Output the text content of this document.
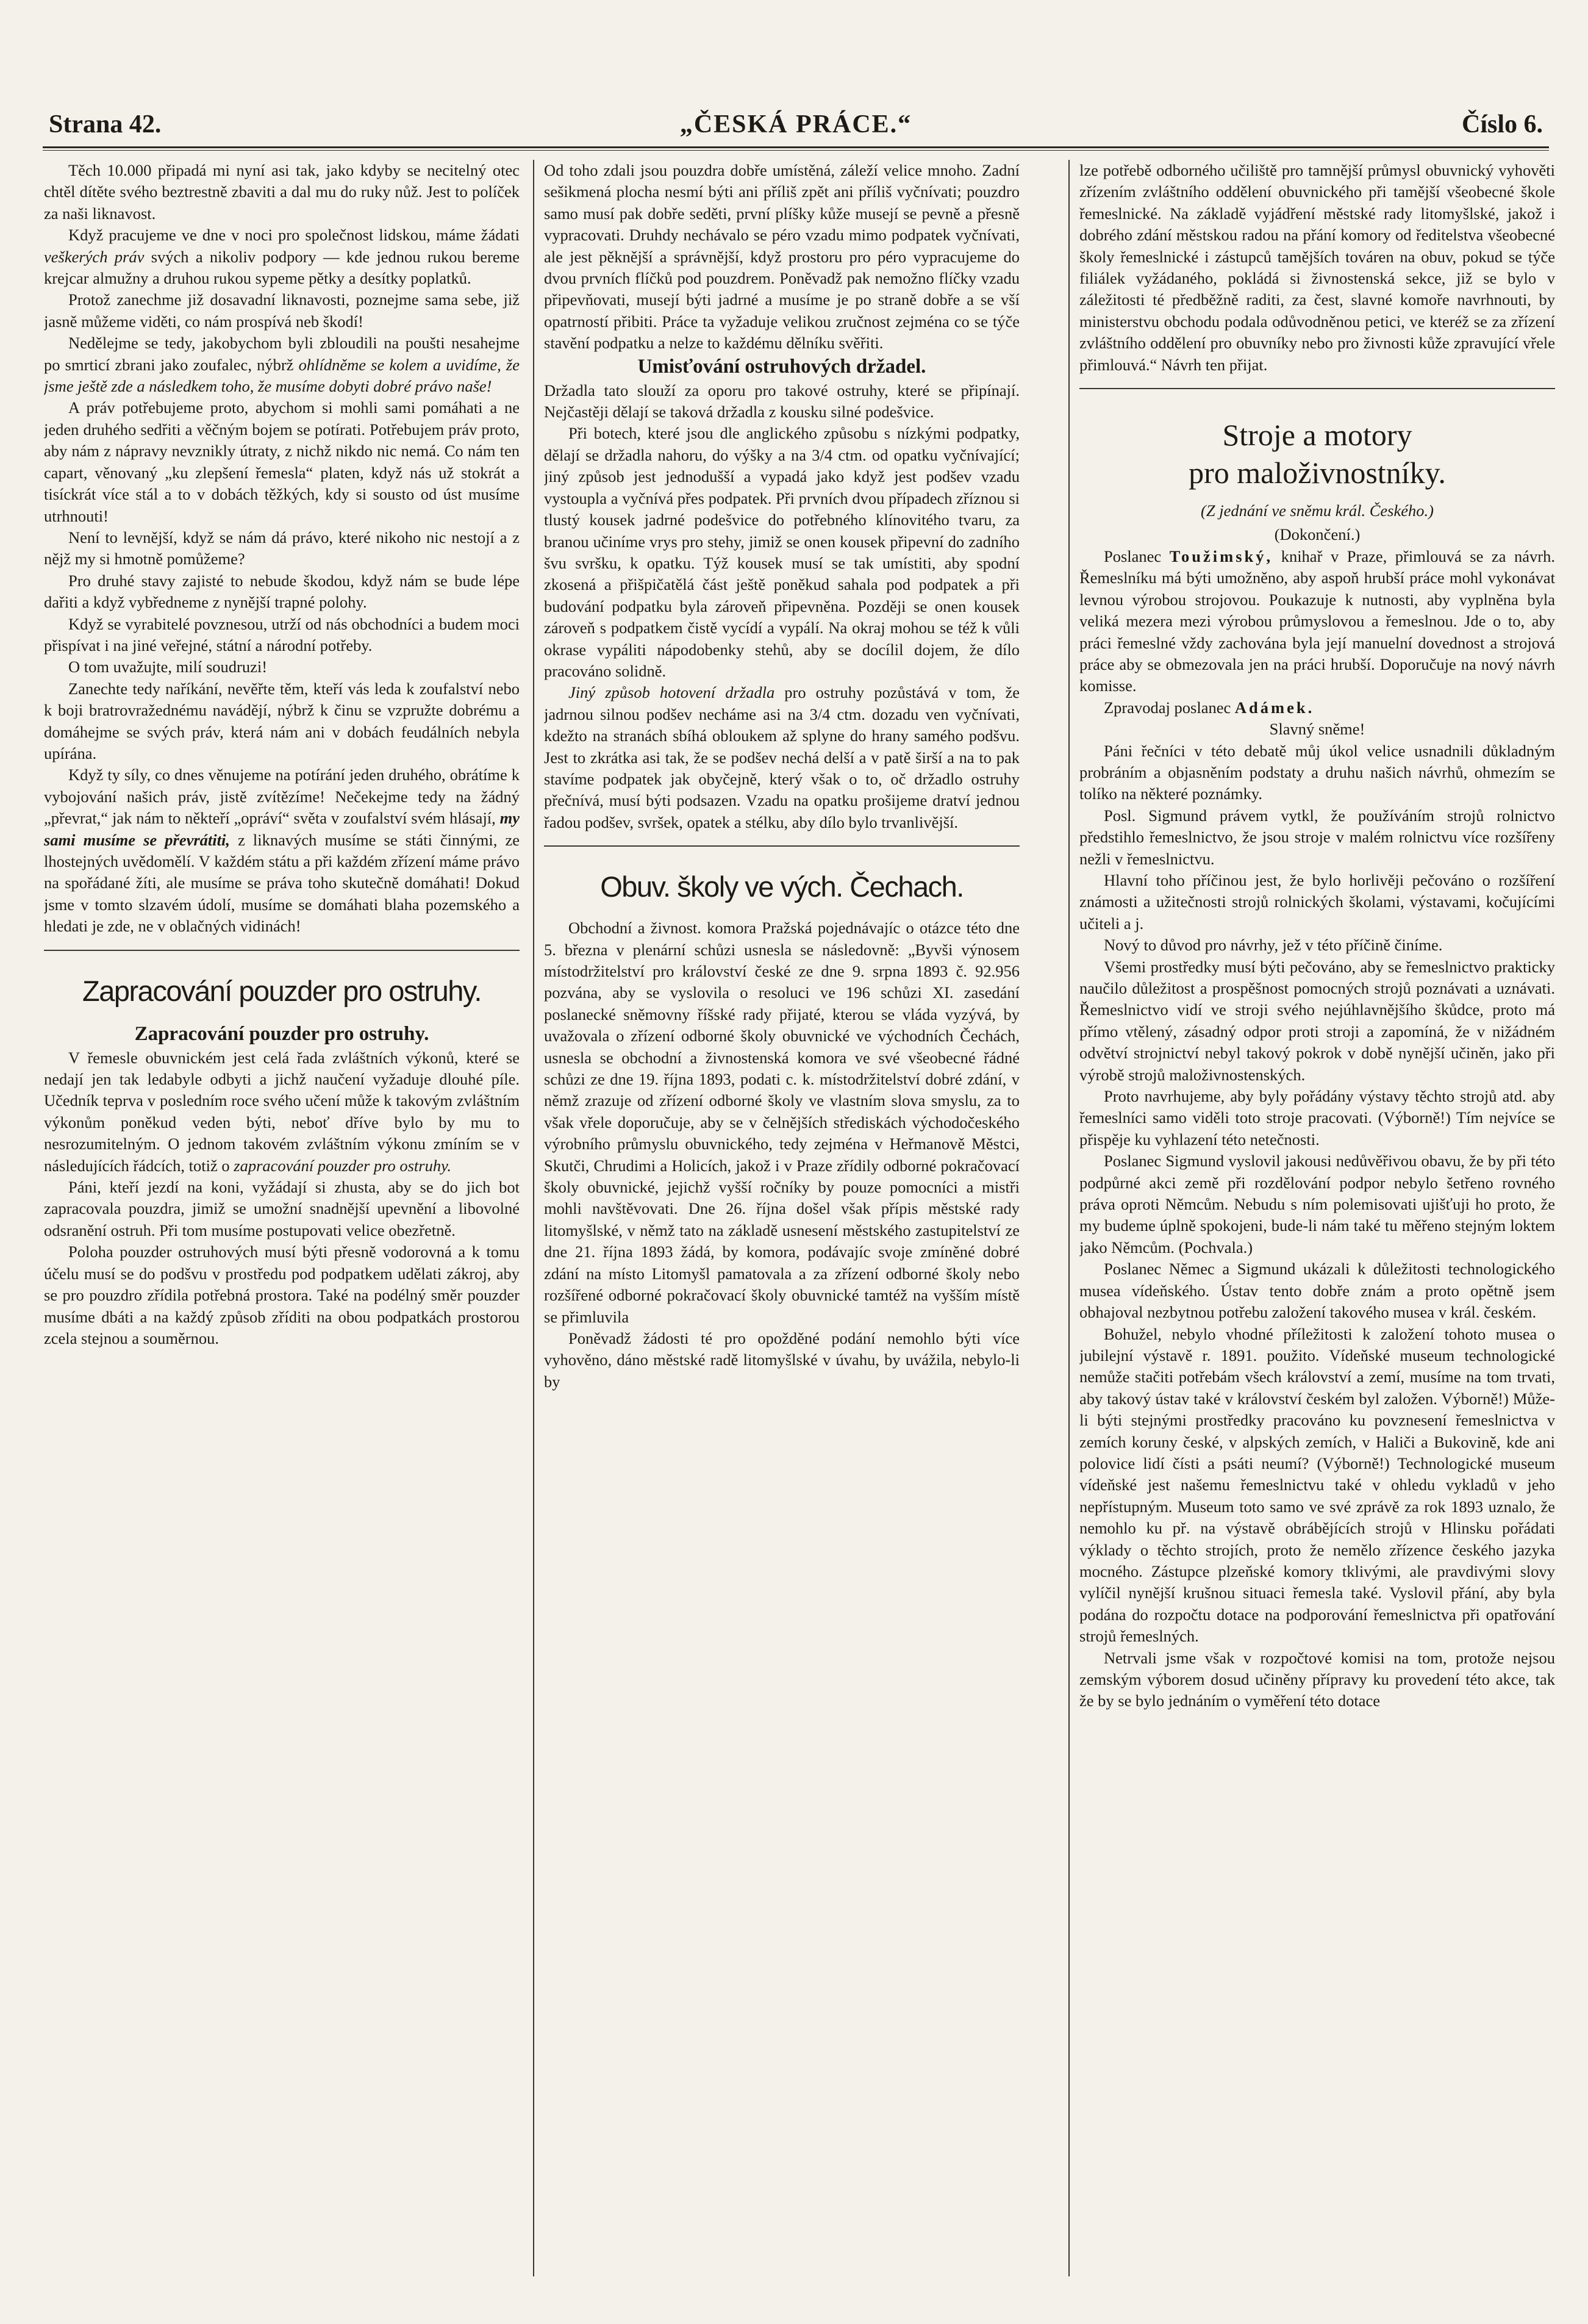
Strana 42.	„ČESKÁ PRÁCE.“	Číslo 6.

Těch 10.000 připadá mi nyní asi tak, jako kdyby se necitelný otec chtěl dítěte svého beztrestně zbaviti a dal mu do ruky nůž. Jest to políček za naši liknavost.

Když pracujeme ve dne v noci pro společnost lidskou, máme žádati veškerých práv svých a nikoliv podpory — kde jednou rukou bereme krejcar almužny a druhou rukou sypeme pětky a desítky poplatků.

Protož zanechme již dosavadní liknavosti, poznejme sama sebe, již jasně můžeme viděti, co nám prospívá neb škodí!

Nedělejme se tedy, jakobychom byli zbloudili na poušti nesahejme po smrticí zbrani jako zoufalec, nýbrž ohlídněme se kolem a uvidíme, že jsme ještě zde a následkem toho, že musíme dobyti dobré právo naše!

A práv potřebujeme proto, abychom si mohli sami pomáhati a ne jeden druhého sedřiti a věčným bojem se potírati. Potřebujem práv proto, aby nám z nápravy nevznikly útraty, z nichž nikdo nic nemá. Co nám ten capart, věnovaný „ku zlepšení řemesla“ platen, když nás už stokrát a tisíckrát více stál a to v dobách těžkých, kdy si sousto od úst musíme utrhnouti!

Není to levnější, když se nám dá právo, které nikoho nic nestojí a z nějž my si hmotně pomůžeme?

Pro druhé stavy zajisté to nebude škodou, když nám se bude lépe dařiti a když vybředneme z nynější trapné polohy.

Když se vyrabitelé povznesou, utrží od nás obchodníci a budem moci přispívat i na jiné veřejné, státní a národní potřeby.

O tom uvažujte, milí soudruzi!

Zanechte tedy naříkání, nevěřte těm, kteří vás leda k zoufalství nebo k boji bratrovražednému navádějí, nýbrž k činu se vzpružte dobrému a domáhejme se svých práv, která nám ani v dobách feudálních nebyla upírána.

Když ty síly, co dnes věnujeme na potírání jeden druhého, obrátíme k vybojování našich práv, jistě zvítězíme! Nečekejme tedy na žádný „převrat,“ jak nám to někteří „opráví“ světa v zoufalství svém hlásají, my sami musíme se převrátiti, z liknavých musíme se státi činnými, ze lhostejných uvědomělí. V každém státu a při každém zřízení máme právo na spořádané žíti, ale musíme se práva toho skutečně domáhati! Dokud jsme v tomto slzavém údolí, musíme se domáhati blaha pozemského a hledati je zde, ne v oblačných vidinách!

Zapracování pouzder pro ostruhy.
Zapracování pouzder pro ostruhy.

V řemesle obuvnickém jest celá řada zvláštních výkonů, které se nedají jen tak ledabyle odbyti a jichž naučení vyžaduje dlouhé píle. Učedník teprva v posledním roce svého učení může k takovým zvláštním výkonům poněkud veden býti, neboť dříve bylo by mu to nesrozumitelným. O jednom takovém zvláštním výkonu zmíním se v následujících řádcích, totiž o zapracování pouzder pro ostruhy.

Páni, kteří jezdí na koni, vyžádají si zhusta, aby se do jich bot zapracovala pouzdra, jimiž se umožní snadnější upevnění a libovolné odsranění ostruh. Při tom musíme postupovati velice obezřetně.

Poloha pouzder ostruhových musí býti přesně vodorovná a k tomu účelu musí se do podšvu v prostředu pod podpatkem udělati zákroj, aby se pro pouzdro zřídila potřebná prostora. Také na podélný směr pouzder musíme dbáti a na každý způsob zříditi na obou podpatkách prostorou zcela stejnou a souměrnou.

Od toho zdali jsou pouzdra dobře umístěná, záleží velice mnoho. Zadní sešikmená plocha nesmí býti ani příliš zpět ani příliš vyčnívati; pouzdro samo musí pak dobře seděti, první plíšky kůže musejí se pevně a přesně vypracovati. Druhdy nechávalo se péro vzadu mimo podpatek vyčnívati, ale jest pěknější a správnější, když prostoru pro péro vypracujeme do dvou prvních flíčků pod pouzdrem. Poněvadž pak nemožno flíčky vzadu připevňovati, musejí býti jadrné a musíme je po straně dobře a se vší opatrností přibiti. Práce ta vyžaduje velikou zručnost zejména co se týče stavění podpatku a nelze to každému dělníku svěřiti.

Umisťování ostruhových držadel.

Držadla tato slouží za oporu pro takové ostruhy, které se připínají. Nejčastěji dělají se taková držadla z kousku silné podešvice.

Při botech, které jsou dle anglického způsobu s nízkými podpatky, dělají se držadla nahoru, do výšky a na 3/4 ctm. od opatku vyčnívající; jiný způsob jest jednodušší a vypadá jako když jest podšev vzadu vystoupla a vyčnívá přes podpatek. Při prvních dvou případech zříznou si tlustý kousek jadrné podešvice do potřebného klínovitého tvaru, za branou učiníme vrys pro stehy, jimiž se onen kousek připevní do zadního švu svršku, k opatku. Týž kousek musí se tak umístiti, aby spodní zkosená a přišpičatělá část ještě poněkud sahala pod podpatek a při budování podpatku byla zároveň připevněna. Později se onen kousek zároveň s podpatkem čistě vycídí a vypálí. Na okraj mohou se též k vůli okrase vypáliti nápodobenky stehů, aby se docílil dojem, že dílo pracováno solidně.

Jiný způsob hotovení držadla pro ostruhy pozůstává v tom, že jadrnou silnou podšev necháme asi na 3/4 ctm. dozadu ven vyčnívati, kdežto na stranách sbíhá obloukem až splyne do hrany samého podšvu. Jest to zkrátka asi tak, že se podšev nechá delší a v patě širší a na to pak stavíme podpatek jak obyčejně, který však o to, oč držadlo ostruhy přečnívá, musí býti podsazen. Vzadu na opatku prošijeme dratví jednou řadou podšev, svršek, opatek a stélku, aby dílo bylo trvanlivější.

Obuv. školy ve vých. Čechach.

Obchodní a živnost. komora Pražská pojednávajíc o otázce této dne 5. března v plenární schůzi usnesla se následovně: „Byvši výnosem místodržitelství pro království české ze dne 9. srpna 1893 č. 92.956 pozvána, aby se vyslovila o resoluci ve 196 schůzi XI. zasedání poslanecké sněmovny říšské rady přijaté, kterou se vláda vyzývá, by uvažovala o zřízení odborné školy obuvnické ve východních Čechách, usnesla se obchodní a živnostenská komora ve své všeobecné řádné schůzi ze dne 19. října 1893, podati c. k. místodržitelství dobré zdání, v němž zrazuje od zřízení odborné školy ve vlastním slova smyslu, za to však vřele doporučuje, aby se v čelnějších střediskách východočeského výrobního průmyslu obuvnického, tedy zejména v Heřmanově Městci, Skutči, Chrudimi a Holicích, jakož i v Praze zřídily odborné pokračovací školy obuvnické, jejichž vyšší ročníky by pouze pomocníci a mistři mohli navštěvovati. Dne 26. října došel však přípis městské rady litomyšlské, v němž tato na základě usnesení městského zastupitelství ze dne 21. října 1893 žádá, by komora, podávajíc svoje zmíněné dobré zdání na místo Litomyšl pamatovala a za zřízení odborné školy nebo rozšířené odborné pokračovací školy obuvnické tamtéž na vyšším místě se přimluvila

Poněvadž žádosti té pro opožděné podání nemohlo býti více vyhověno, dáno městské radě litomyšlské v úvahu, by uvážila, nebylo-li by

lze potřebě odborného učiliště pro tamnější průmysl obuvnický vyhověti zřízením zvláštního oddělení obuvnického při tamější všeobecné škole řemeslnické. Na základě vyjádření městské rady litomyšlské, jakož i dobrého zdání městskou radou na přání komory od ředitelstva všeobecné školy řemeslnické i zástupců tamějších továren na obuv, pokud se týče filiálek vyžádaného, pokládá si živnostenská sekce, již se bylo v záležitosti té předběžně raditi, za čest, slavné komoře navrhnouti, by ministerstvu obchodu podala odůvodněnou petici, ve kteréž se za zřízení zvláštního oddělení pro obuvníky nebo pro živnosti kůže zpravující vřele přimlouvá.“ Návrh ten přijat.

Stroje a motory
pro maloživnostníky.
(Z jednání ve sněmu král. Českého.)
(Dokončení.)

Poslanec Toužimský, knihař v Praze, přimlouvá se za návrh. Řemeslníku má býti umožněno, aby aspoň hrubší práce mohl vykonávat levnou výrobou strojovou. Poukazuje k nutnosti, aby vyplněna byla veliká mezera mezi výrobou průmyslovou a řemeslnou. Jde o to, aby práci řemeslné vždy zachována byla její manuelní dovednost a strojová práce aby se obmezovala jen na práci hrubší. Doporučuje na nový návrh komisse.

Zpravodaj poslanec Adámek.

Slavný sněme!

Páni řečníci v této debatě můj úkol velice usnadnili důkladným probráním a objasněním podstaty a druhu našich návrhů, ohmezím se tolíko na některé poznámky.

Posl. Sigmund právem vytkl, že používáním strojů rolnictvo předstihlo řemeslnictvo, že jsou stroje v malém rolnictvu více rozšířeny nežli v řemeslnictvu.

Hlavní toho příčinou jest, že bylo horlivěji pečováno o rozšíření známosti a užitečnosti strojů rolnických školami, výstavami, kočujícími učiteli a j.

Nový to důvod pro návrhy, jež v této příčině činíme.

Všemi prostředky musí býti pečováno, aby se řemeslnictvo prakticky naučilo důležitost a prospěšnost pomocných strojů poznávati a uznávati. Řemeslnictvo vidí ve stroji svého nejúhlavnějšího škůdce, proto má přímo vtělený, zásadný odpor proti stroji a zapomíná, že v nižádném odvětví strojnictví nebyl takový pokrok v době nynější učiněn, jako při výrobě strojů maloživnostenských.

Proto navrhujeme, aby byly pořádány výstavy těchto strojů atd. aby řemeslníci samo viděli toto stroje pracovati. (Výborně!) Tím nejvíce se přispěje ku vyhlazení této netečnosti.

Poslanec Sigmund vyslovil jakousi nedůvěřivou obavu, že by při této podpůrné akci země při rozdělování podpor nebylo šetřeno rovného práva oproti Němcům. Nebudu s ním polemisovati ujišťuji ho proto, že my budeme úplně spokojeni, bude-li nám také tu měřeno stejným loktem jako Němcům. (Pochvala.)

Poslanec Němec a Sigmund ukázali k důležitosti technologického musea vídeňského. Ústav tento dobře znám a proto opětně jsem obhajoval nezbytnou potřebu založení takového musea v král. českém.

Bohužel, nebylo vhodné příležitosti k založení tohoto musea o jubilejní výstavě r. 1891. použito. Vídeňské museum technologické nemůže stačiti potřebám všech království a zemí, musíme na tom trvati, aby takový ústav také v království českém byl založen. Výborně!) Může-li býti stejnými prostředky pracováno ku povznesení řemeslnictva v zemích koruny české, v alpských zemích, v Haliči a Bukovině, kde ani polovice lidí čísti a psáti neumí? (Výborně!) Technologické museum vídeňské jest našemu řemeslnictvu také v ohledu vykladů v jeho nepřístupným. Museum toto samo ve své zprávě za rok 1893 uznalo, že nemohlo ku př. na výstavě obrábějících strojů v Hlinsku pořádati výklady o těchto strojích, proto že nemělo zřízence českého jazyka mocného. Zástupce plzeňské komory tklivými, ale pravdivými slovy vylíčil nynější krušnou situaci řemesla také. Vyslovil přání, aby byla podána do rozpočtu dotace na podporování řemeslnictva při opatřování strojů řemeslných.

Netrvali jsme však v rozpočtové komisi na tom, protože nejsou zemským výborem dosud učiněny přípravy ku provedení této akce, tak že by se bylo jednáním o vyměření této dotace
